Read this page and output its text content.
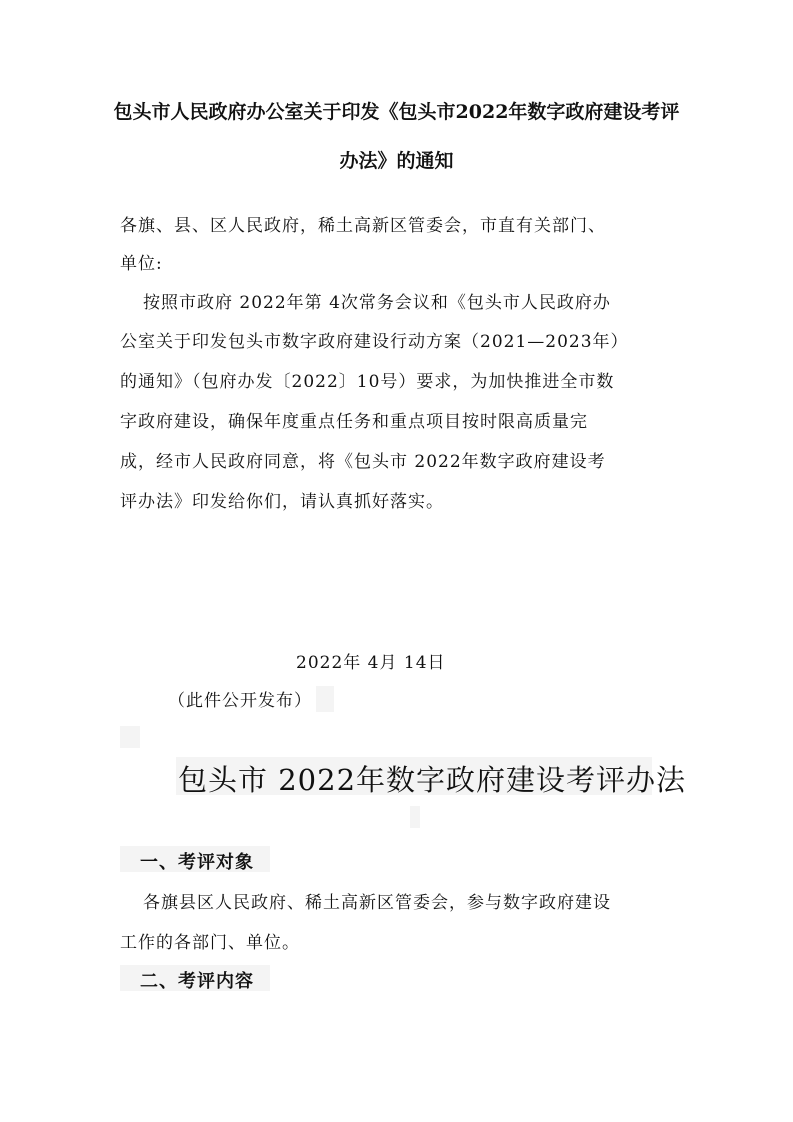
包头市人民政府办公室关于印发《包头市2022年数字政府建设考评
办法》的通知
各旗、县、区人民政府，稀土高新区管委会，市直有关部门、
单位:
按照市政府 2022年第 4次常务会议和《包头市人民政府办
公室关于印发包头市数字政府建设行动方案（2021—2023年）
的通知》（包府办发〔2022〕10号）要求，为加快推进全市数
字政府建设，确保年度重点任务和重点项目按时限高质量完
成，经市人民政府同意，将《包头市 2022年数字政府建设考
评办法》印发给你们，请认真抓好落实。
2022年 4月 14日
（此件公开发布）
包头市 2022年数字政府建设考评办法
一、考评对象
各旗县区人民政府、稀土高新区管委会，参与数字政府建设
工作的各部门、单位。
二、考评内容
